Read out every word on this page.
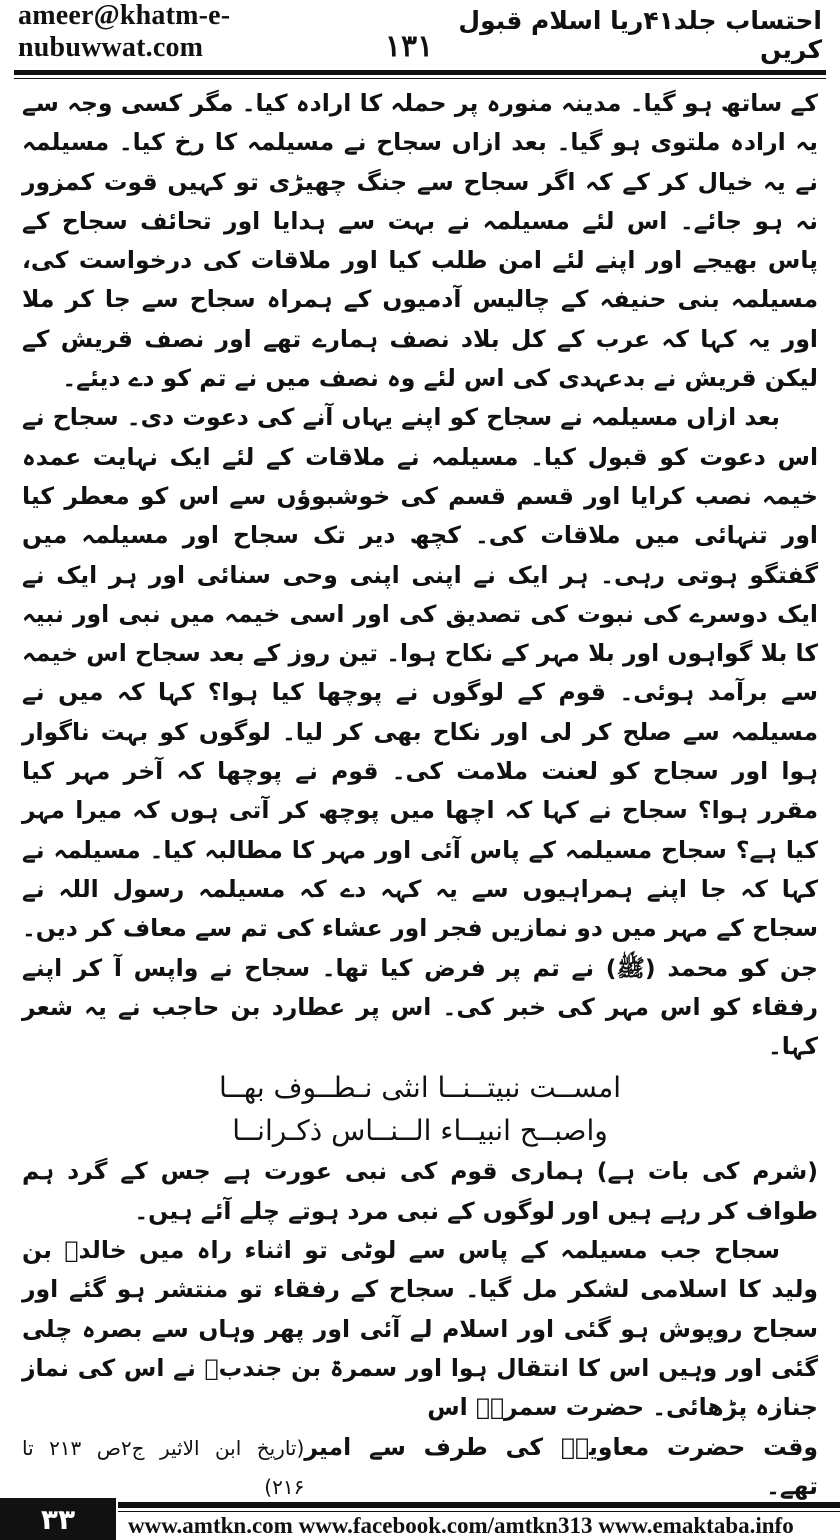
ameer@khatm-e-nubuwwat.com	۱۳۱
احتساب جلد۴۱ریا اسلام قبول کریں

کے ساتھ ہو گیا۔ مدینہ منورہ پر حملہ کا ارادہ کیا۔ مگر کسی وجہ سے یہ ارادہ ملتوی ہو گیا۔ بعد ازاں سجاح نے مسیلمہ کا رخ کیا۔ مسیلمہ نے یہ خیال کر کے کہ اگر سجاح سے جنگ چھیڑی تو کہیں قوت کمزور نہ ہو جائے۔ اس لئے مسیلمہ نے بہت سے ہدایا اور تحائف سجاح کے پاس بھیجے اور اپنے لئے امن طلب کیا اور ملاقات کی درخواست کی، مسیلمہ بنی حنیفہ کے چالیس آدمیوں کے ہمراہ سجاح سے جا کر ملا اور یہ کہا کہ عرب کے کل بلاد نصف ہمارے تھے اور نصف قریش کے لیکن قریش نے بدعہدی کی اس لئے وہ نصف میں نے تم کو دے دیئے۔

بعد ازاں مسیلمہ نے سجاح کو اپنے یہاں آنے کی دعوت دی۔ سجاح نے اس دعوت کو قبول کیا۔ مسیلمہ نے ملاقات کے لئے ایک نہایت عمدہ خیمہ نصب کرایا اور قسم قسم کی خوشبوؤں سے اس کو معطر کیا اور تنہائی میں ملاقات کی۔ کچھ دیر تک سجاح اور مسیلمہ میں گفتگو ہوتی رہی۔ ہر ایک نے اپنی اپنی وحی سنائی اور ہر ایک نے ایک دوسرے کی نبوت کی تصدیق کی اور اسی خیمہ میں نبی اور نبیہ کا بلا گواہوں اور بلا مہر کے نکاح ہوا۔ تین روز کے بعد سجاح اس خیمہ سے برآمد ہوئی۔ قوم کے لوگوں نے پوچھا کیا ہوا؟ کہا کہ میں نے مسیلمہ سے صلح کر لی اور نکاح بھی کر لیا۔ لوگوں کو بہت ناگوار ہوا اور سجاح کو لعنت ملامت کی۔ قوم نے پوچھا کہ آخر مہر کیا مقرر ہوا؟ سجاح نے کہا کہ اچھا میں پوچھ کر آتی ہوں کہ میرا مہر کیا ہے؟ سجاح مسیلمہ کے پاس آئی اور مہر کا مطالبہ کیا۔ مسیلمہ نے کہا کہ جا اپنے ہمراہیوں سے یہ کہہ دے کہ مسیلمہ رسول اللہ نے سجاح کے مہر میں دو نمازیں فجر اور عشاء کی تم سے معاف کر دیں۔ جن کو محمد (ﷺ) نے تم پر فرض کیا تھا۔ سجاح نے واپس آ کر اپنے رفقاء کو اس مہر کی خبر کی۔ اس پر عطارد بن حاجب نے یہ شعر کہا۔

امســت نبيتــنــا انثى نـطــوف بهــا

واصبــح انبيــاء الــنــاس ذكـرانــا

(شرم کی بات ہے) ہماری قوم کی نبی عورت ہے جس کے گرد ہم طواف کر رہے ہیں اور لوگوں کے نبی مرد ہوتے چلے آئے ہیں۔

سجاح جب مسیلمہ کے پاس سے لوٹی تو اثناء راہ میں خالدؓ بن ولید کا اسلامی لشکر مل گیا۔ سجاح کے رفقاء تو منتشر ہو گئے اور سجاح روپوش ہو گئی اور اسلام لے آئی اور پھر وہاں سے بصرہ چلی گئی اور وہیں اس کا انتقال ہوا اور سمرۃ بن جندبؓ نے اس کی نماز جنازہ پڑھائی۔ حضرت سمرۃؓ اس

وقت حضرت معاویہؓ کی طرف سے امیر تھے۔
(تاریخ ابن الاثیر ج۲ص ۲۱۳ تا ۲۱۶)
۳۳	www.amtkn.com www.facebook.com/amtkn313 www.emaktaba.info
